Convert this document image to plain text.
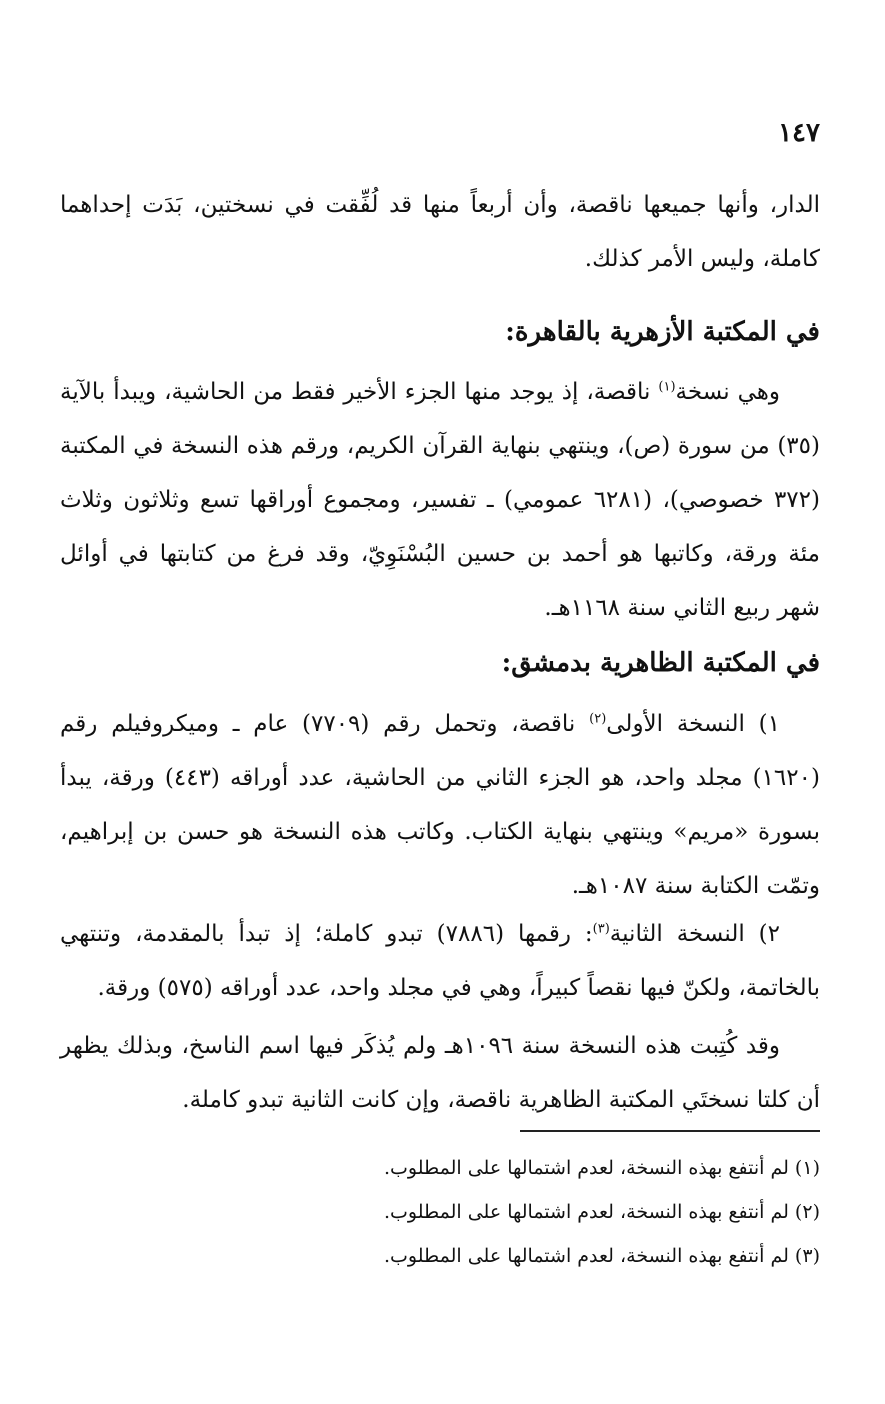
١٤٧

الدار، وأنها جميعها ناقصة، وأن أربعاً منها قد لُفِّقت في نسختين، بَدَت إحداهما كاملة، وليس الأمر كذلك.

في المكتبة الأزهرية بالقاهرة:

وهي نسخة$^{(١)}$ ناقصة، إذ يوجد منها الجزء الأخير فقط من الحاشية، ويبدأ بالآية (٣٥) من سورة (ص)، وينتهي بنهاية القرآن الكريم، ورقم هذه النسخة في المكتبة (٣٧٢ خصوصي)، (٦٢٨١ عمومي) ـ تفسير، ومجموع أوراقها تسع وثلاثون وثلاث مئة ورقة، وكاتبها هو أحمد بن حسين البُسْنَوِيّ، وقد فرغ من كتابتها في أوائل شهر ربيع الثاني سنة ١١٦٨هـ.

في المكتبة الظاهرية بدمشق:

١) النسخة الأولى$^{(٢)}$ ناقصة، وتحمل رقم (٧٧٠٩) عام ـ وميكروفيلم رقم (١٦٢٠) مجلد واحد، هو الجزء الثاني من الحاشية، عدد أوراقه (٤٤٣) ورقة، يبدأ بسورة «مريم» وينتهي بنهاية الكتاب. وكاتب هذه النسخة هو حسن بن إبراهيم، وتمّت الكتابة سنة ١٠٨٧هـ.

٢) النسخة الثانية$^{(٣)}$: رقمها (٧٨٨٦) تبدو كاملة؛ إذ تبدأ بالمقدمة، وتنتهي بالخاتمة، ولكنّ فيها نقصاً كبيراً، وهي في مجلد واحد، عدد أوراقه (٥٧٥) ورقة.

وقد كُتِبت هذه النسخة سنة ١٠٩٦هـ ولم يُذكَر فيها اسم الناسخ، وبذلك يظهر أن كلتا نسختَي المكتبة الظاهرية ناقصة، وإن كانت الثانية تبدو كاملة.

(١) لم أنتفع بهذه النسخة، لعدم اشتمالها على المطلوب.

(٢) لم أنتفع بهذه النسخة، لعدم اشتمالها على المطلوب.

(٣) لم أنتفع بهذه النسخة، لعدم اشتمالها على المطلوب.
